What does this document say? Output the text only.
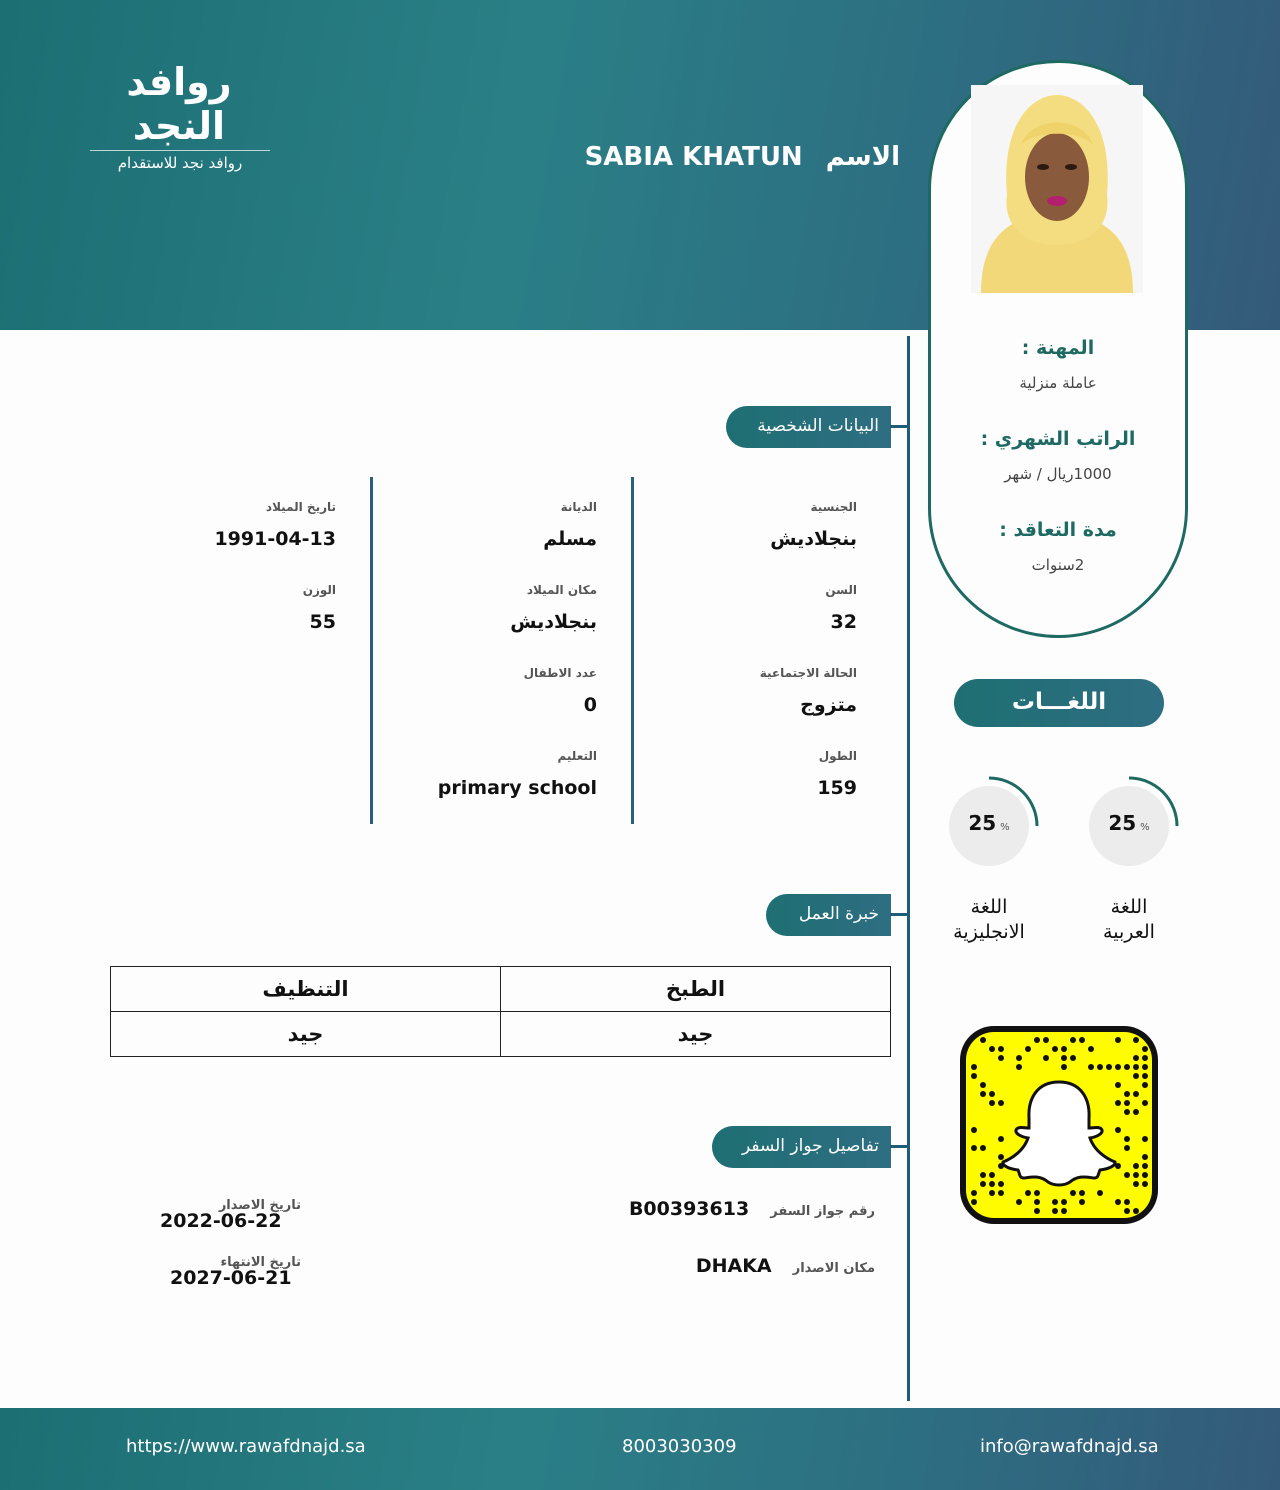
روافد النجد
روافد نجد للاستقدام	الاسم SABIA KHATUN
المهنة :
عاملة منزلية
الراتب الشهري :
1000ريال / شهر
مدة التعاقد :
2سنوات
البيانات الشخصية
الجنسية
بنجلاديش
السن
32
الحالة الاجتماعية
متزوج
الطول
159
الديانة
مسلم
مكان الميلاد
بنجلاديش
عدد الاطفال
0
التعليم
primary school
تاريخ الميلاد
1991-04-13
الوزن
55
خبرة العمل
الطبخ	التنظيف
جيد	جيد
تفاصيل جواز السفر
رقم جواز السفر B00393613
مكان الاصدار DHAKA
تاريخ الاصدار
2022-06-22
تاريخ الانتهاء
2027-06-21
اللغـــات
25 %
25 %
اللغة
العربية
اللغة
الانجليزية
https://www.rawafdnajd.sa	8003030309	info@rawafdnajd.sa
